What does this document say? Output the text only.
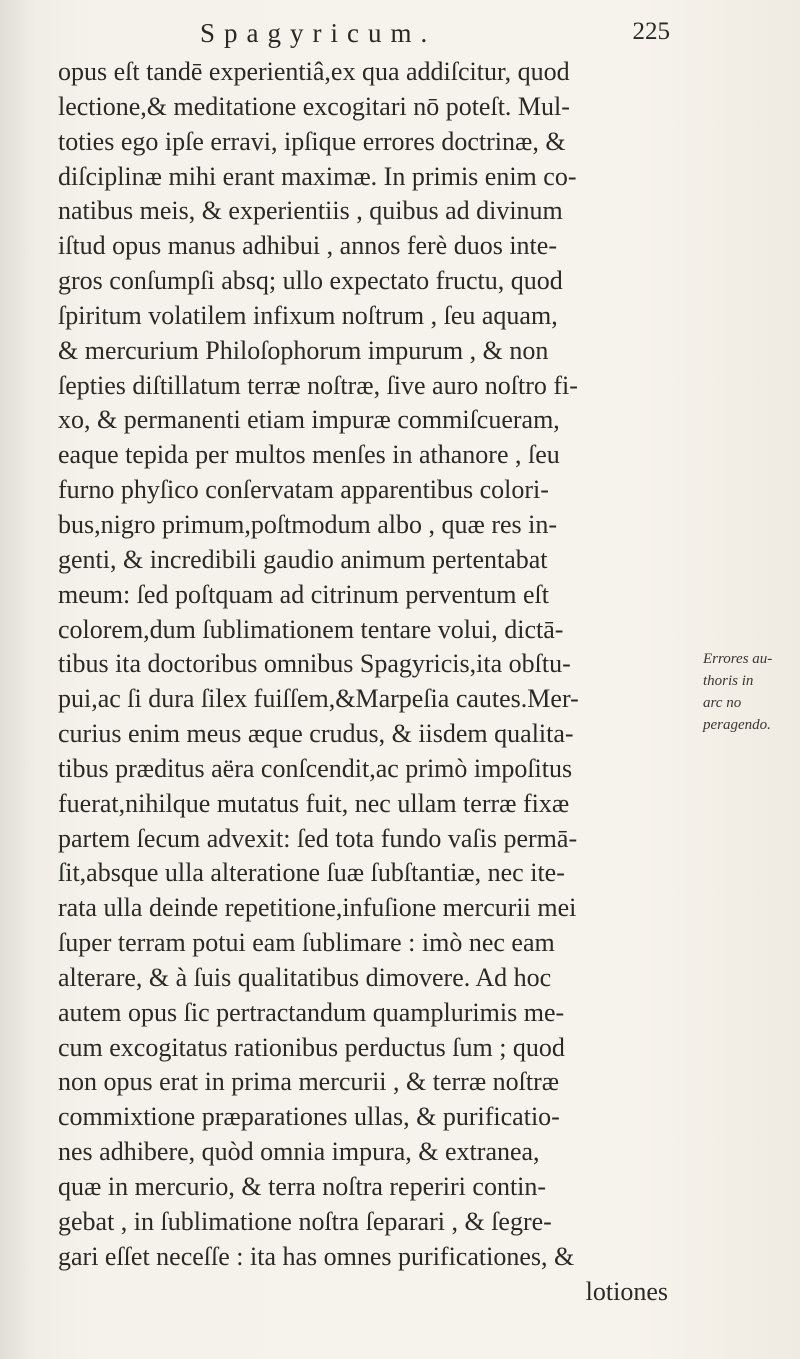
Spagyricum.	225
opus eſt tandē experientiâ,ex qua addiſcitur, quod
lectione,& meditatione excogitari nō poteſt. Mul-
toties ego ipſe erravi, ipſique errores doctrinæ, &
diſciplinæ mihi erant maximæ. In primis enim co-
natibus meis, & experientiis , quibus ad divinum
iſtud opus manus adhibui , annos ferè duos inte-
gros conſumpſi absq; ullo expectato fructu, quod
ſpiritum volatilem infixum noſtrum , ſeu aquam,
& mercurium Philoſophorum impurum , & non
ſepties diſtillatum terræ noſtræ, ſive auro noſtro fi-
xo, & permanenti etiam impuræ commiſcueram,
eaque tepida per multos menſes in athanore , ſeu
furno phyſico conſervatam apparentibus colori-
bus,nigro primum,poſtmodum albo , quæ res in-
genti, & incredibili gaudio animum pertentabat
meum: ſed poſtquam ad citrinum perventum eſt
colorem,dum ſublimationem tentare volui, dictā-
tibus ita doctoribus omnibus Spagyricis,ita obſtu-
pui,ac ſi dura ſilex fuiſſem,&Marpeſia cautes.Mer-
curius enim meus æque crudus, & iisdem qualita-
tibus præditus aëra conſcendit,ac primò impoſitus
fuerat,nihilque mutatus fuit, nec ullam terræ fixæ
partem ſecum advexit: ſed tota fundo vaſis permā-
ſit,absque ulla alteratione ſuæ ſubſtantiæ, nec ite-
rata ulla deinde repetitione,infuſione mercurii mei
ſuper terram potui eam ſublimare : imò nec eam
alterare, & à ſuis qualitatibus dimovere. Ad hoc
autem opus ſic pertractandum quamplurimis me-
cum excogitatus rationibus perductus ſum ; quod
non opus erat in prima mercurii , & terræ noſtræ
commixtione præparationes ullas, & purificatio-
nes adhibere, quòd omnia impura, & extranea,
quæ in mercurio, & terra noſtra reperiri contin-
gebat , in ſublimatione noſtra ſeparari , & ſegre-
gari eſſet neceſſe : ita has omnes purificationes, &
lotiones
Errores au-
thoris in
arc no
peragendo.
